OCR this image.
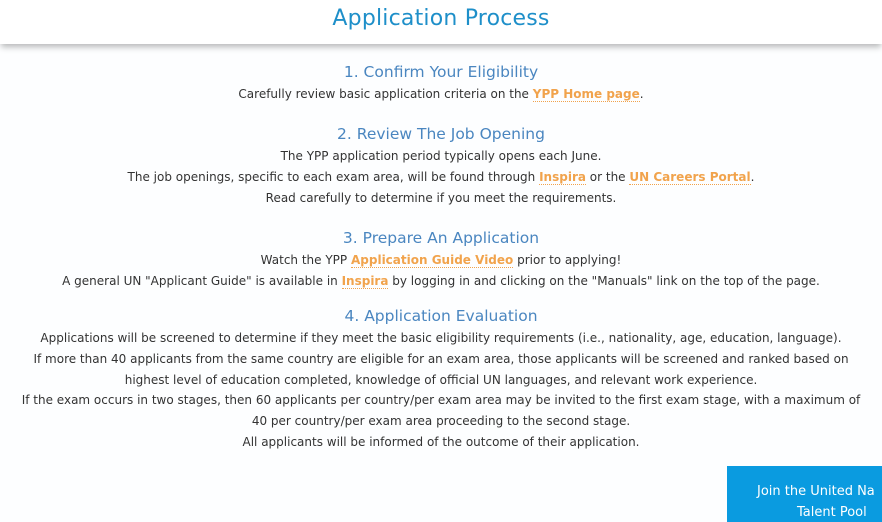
Application Process
1. Confirm Your Eligibility

Carefully review basic application criteria on the YPP Home page.

2. Review The Job Opening

The YPP application period typically opens each June.

The job openings, specific to each exam area, will be found through Inspira or the UN Careers Portal.

Read carefully to determine if you meet the requirements.

3. Prepare An Application

Watch the YPP Application Guide Video prior to applying!

A general UN "Applicant Guide" is available in Inspira by logging in and clicking on the "Manuals" link on the top of the page.

4. Application Evaluation

Applications will be screened to determine if they meet the basic eligibility requirements (i.e., nationality, age, education, language).

If more than 40 applicants from the same country are eligible for an exam area, those applicants will be screened and ranked based on

highest level of education completed, knowledge of official UN languages, and relevant work experience.

If the exam occurs in two stages, then 60 applicants per country/per exam area may be invited to the first exam stage, with a maximum of

40 per country/per exam area proceeding to the second stage.

All applicants will be informed of the outcome of their application.

Join the United Na
Talent Pool
